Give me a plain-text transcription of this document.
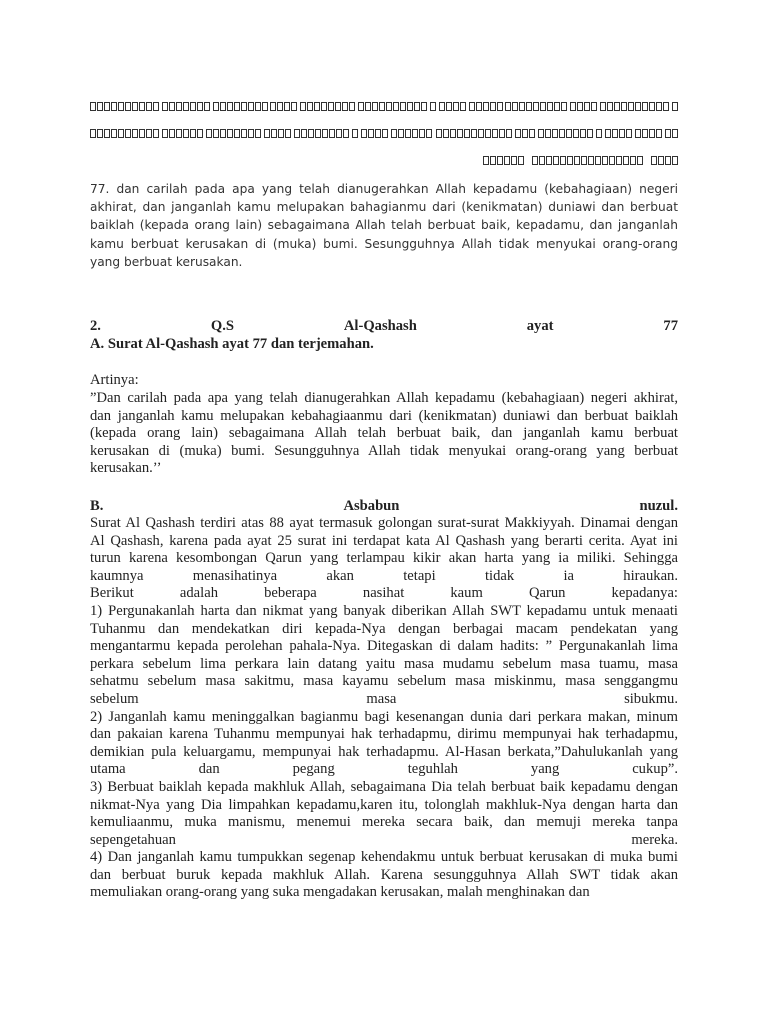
77. dan carilah pada apa yang telah dianugerahkan Allah kepadamu (kebahagiaan) negeri
akhirat, dan janganlah kamu melupakan bahagianmu dari (kenikmatan) duniawi dan berbuat
baiklah (kepada orang lain) sebagaimana Allah telah berbuat baik, kepadamu, dan janganlah
kamu berbuat kerusakan di (muka) bumi. Sesungguhnya Allah tidak menyukai orang-orang
yang berbuat kerusakan.
2.	Q.S	Al-Qashash	ayat	77
A. Surat Al-Qashash ayat 77 dan terjemahan.
Artinya:
”Dan carilah pada apa yang telah dianugerahkan Allah kepadamu (kebahagiaan) negeri akhirat,
dan janganlah kamu melupakan kebahagiaanmu dari (kenikmatan) duniawi dan berbuat baiklah
(kepada orang lain) sebagaimana Allah telah berbuat baik, dan janganlah kamu berbuat
kerusakan di (muka) bumi. Sesungguhnya Allah tidak menyukai orang-orang yang berbuat
kerusakan.’’
B.	Asbabun	nuzul.
Surat Al Qashash terdiri atas 88 ayat termasuk golongan surat-surat Makkiyyah. Dinamai dengan
Al Qashash, karena pada ayat 25 surat ini terdapat kata Al Qashash yang berarti cerita. Ayat ini
turun karena kesombongan Qarun yang terlampau kikir akan harta yang ia miliki. Sehingga
kaumnya menasihatinya akan tetapi tidak ia hiraukan.
Berikut adalah beberapa nasihat kaum Qarun kepadanya:
1) Pergunakanlah harta dan nikmat yang banyak diberikan Allah SWT kepadamu untuk menaati
Tuhanmu dan mendekatkan diri kepada-Nya dengan berbagai macam pendekatan yang
mengantarmu kepada perolehan pahala-Nya. Ditegaskan di dalam hadits: ” Pergunakanlah lima
perkara sebelum lima perkara lain datang yaitu masa mudamu sebelum masa tuamu, masa
sehatmu sebelum masa sakitmu, masa kayamu sebelum masa miskinmu, masa senggangmu
sebelum masa sibukmu.
2) Janganlah kamu meninggalkan bagianmu bagi kesenangan dunia dari perkara makan, minum
dan pakaian karena Tuhanmu mempunyai hak terhadapmu, dirimu mempunyai hak terhadapmu,
demikian pula keluargamu, mempunyai hak terhadapmu. Al-Hasan berkata,”Dahulukanlah yang
utama dan pegang teguhlah yang cukup”.
3) Berbuat baiklah kepada makhluk Allah, sebagaimana Dia telah berbuat baik kepadamu dengan
nikmat-Nya yang Dia limpahkan kepadamu,karen itu, tolonglah makhluk-Nya dengan harta dan
kemuliaanmu, muka manismu, menemui mereka secara baik, dan memuji mereka tanpa
sepengetahuan mereka.
4) Dan janganlah kamu tumpukkan segenap kehendakmu untuk berbuat kerusakan di muka bumi
dan berbuat buruk kepada makhluk Allah. Karena sesungguhnya Allah SWT tidak akan
memuliakan orang-orang yang suka mengadakan kerusakan, malah menghinakan dan
